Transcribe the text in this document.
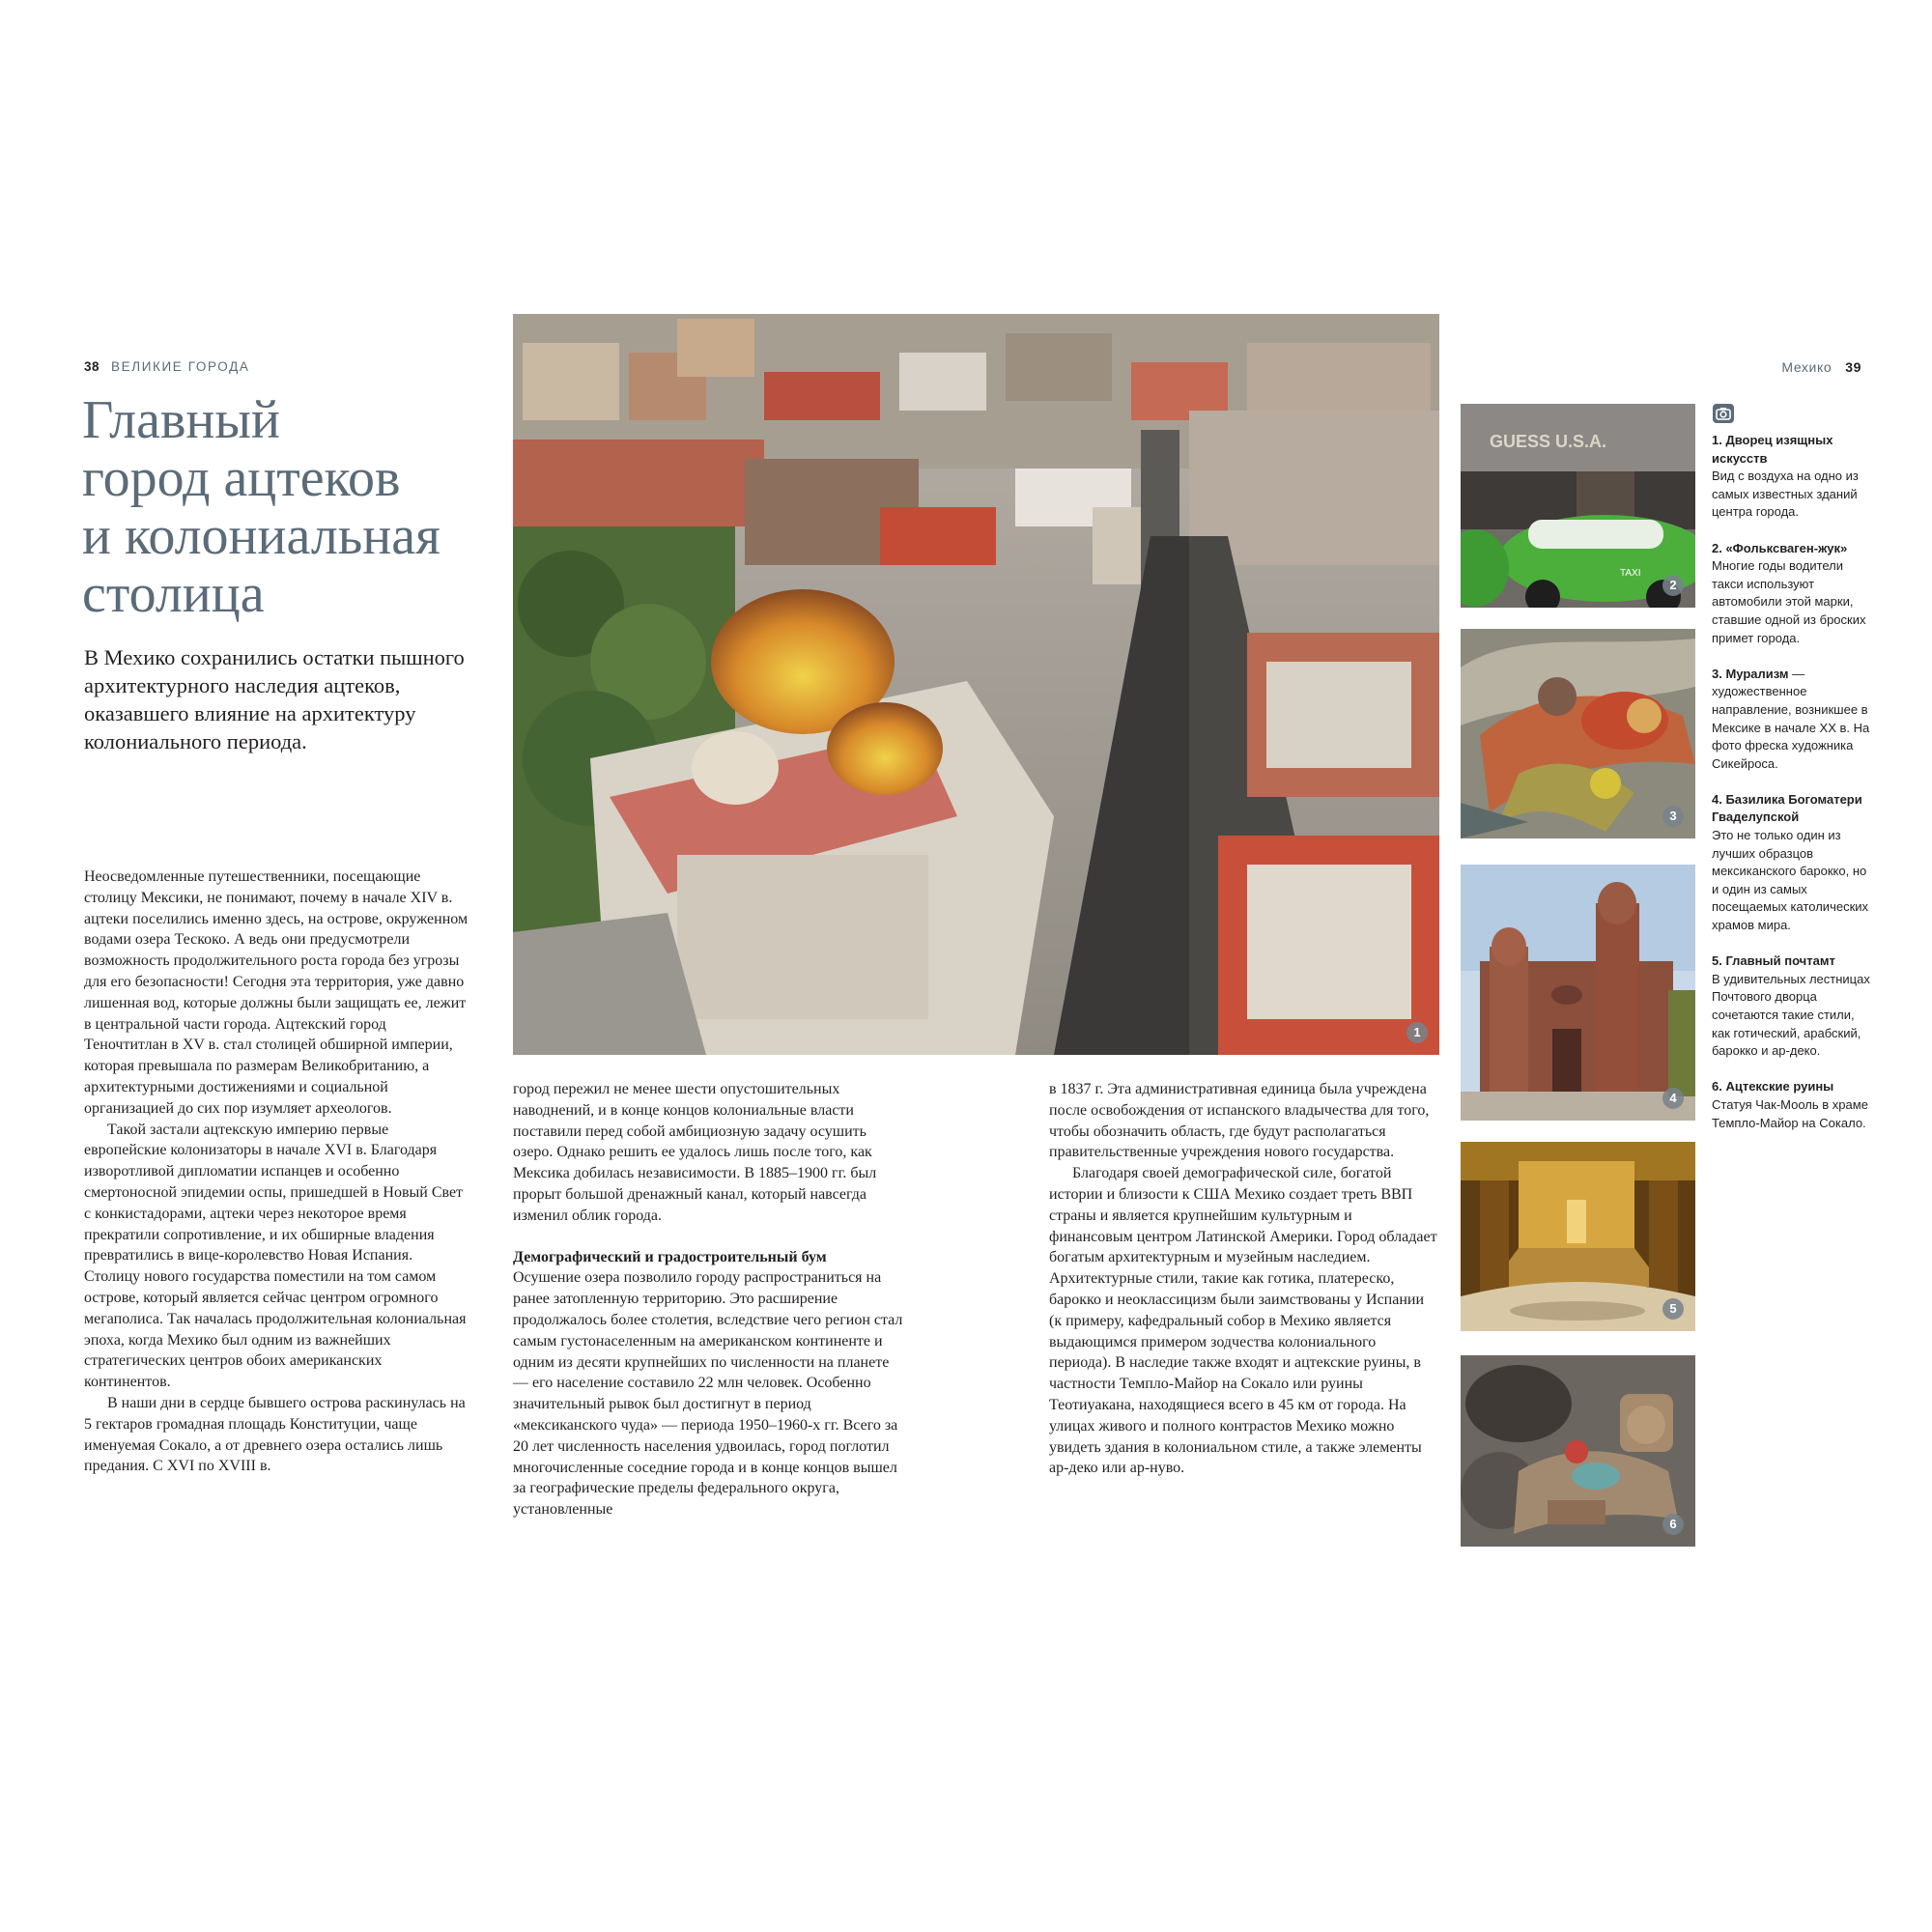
38 ВЕЛИКИЕ ГОРОДА	Мехико 39
Главный
город ацтеков
и колониальная
столица

В Мехико сохранились остатки пышного архитектурного наследия ацтеков, оказавшего влияние на архитектуру колониального периода.

Неосведомленные путешественники, посещающие столицу Мексики, не понимают, почему в начале XIV в. ацтеки поселились именно здесь, на острове, окруженном водами озера Тескоко. А ведь они предусмотрели возможность продолжительного роста города без угрозы для его безопасности! Сегодня эта территория, уже давно лишенная вод, которые должны были защищать ее, лежит в центральной части города. Ацтекский город Теночтитлан в XV в. стал столицей обширной империи, которая превышала по размерам Великобританию, а архитектурными достижениями и социальной организацией до сих пор изумляет археологов.

Такой застали ацтекскую империю первые европейские колонизаторы в начале XVI в. Благодаря изворотливой дипломатии испанцев и особенно смертоносной эпидемии оспы, пришедшей в Новый Свет с конкистадорами, ацтеки через некоторое время прекратили сопротивление, и их обширные владения превратились в вице-королевство Новая Испания. Столицу нового государства поместили на том самом острове, который является сейчас центром огромного мегаполиса. Так началась продолжительная колониальная эпоха, когда Мехико был одним из важнейших стратегических центров обоих американских континентов.

В наши дни в сердце бывшего острова раскинулась на 5 гектаров громадная площадь Конституции, чаще именуемая Сокало, а от древнего озера остались лишь предания. С XVI по XVIII в.

город пережил не менее шести опустошительных наводнений, и в конце концов колониальные власти поставили перед собой амбициозную задачу осушить озеро. Однако решить ее удалось лишь после того, как Мексика добилась независимости. В 1885–1900 гг. был прорыт большой дренажный канал, который навсегда изменил облик города.

Демографический и градостроительный бум

Осушение озера позволило городу распространиться на ранее затопленную территорию. Это расширение продолжалось более столетия, вследствие чего регион стал самым густонаселенным на американском континенте и одним из десяти крупнейших по численности на планете — его население составило 22 млн человек. Особенно значительный рывок был достигнут в период «мексиканского чуда» — периода 1950–1960-х гг. Всего за 20 лет численность населения удвоилась, город поглотил многочисленные соседние города и в конце концов вышел за географические пределы федерального округа, установленные

в 1837 г. Эта административная единица была учреждена после освобождения от испанского владычества для того, чтобы обозначить область, где будут располагаться правительственные учреждения нового государства.

Благодаря своей демографической силе, богатой истории и близости к США Мехико создает треть ВВП страны и является крупнейшим культурным и финансовым центром Латинской Америки. Город обладает богатым архитектурным и музейным наследием. Архитектурные стили, такие как готика, платереско, барокко и неоклассицизм были заимствованы у Испании (к примеру, кафедральный собор в Мехико является выдающимся примером зодчества колониального периода). В наследие также входят и ацтекские руины, в частности Темпло-Майор на Сокало или руины Теотиуакана, находящиеся всего в 45 км от города. На улицах живого и полного контрастов Мехико можно увидеть здания в колониальном стиле, а также элементы ар-деко или ар-нуво.

1
GUESS U.S.A.
TAXI
2
3
4
5
6
1. Дворец изящных искусств
Вид с воздуха на одно из самых известных зданий центра города.
2. «Фольксваген-жук»
Многие годы водители такси используют автомобили этой марки, ставшие одной из броских примет города.
3. Мурализм — художественное направление, возникшее в Мексике в начале XX в. На фото фреска художника Сикейроса.
4. Базилика Богоматери Гваделупской
Это не только один из лучших образцов мексиканского барокко, но и один из самых посещаемых католических храмов мира.
5. Главный почтамт
В удивительных лестницах Почтового дворца сочетаются такие стили, как готический, арабский, барокко и ар-деко.
6. Ацтекские руины
Статуя Чак-Мооль в храме Темпло-Майор на Сокало.
